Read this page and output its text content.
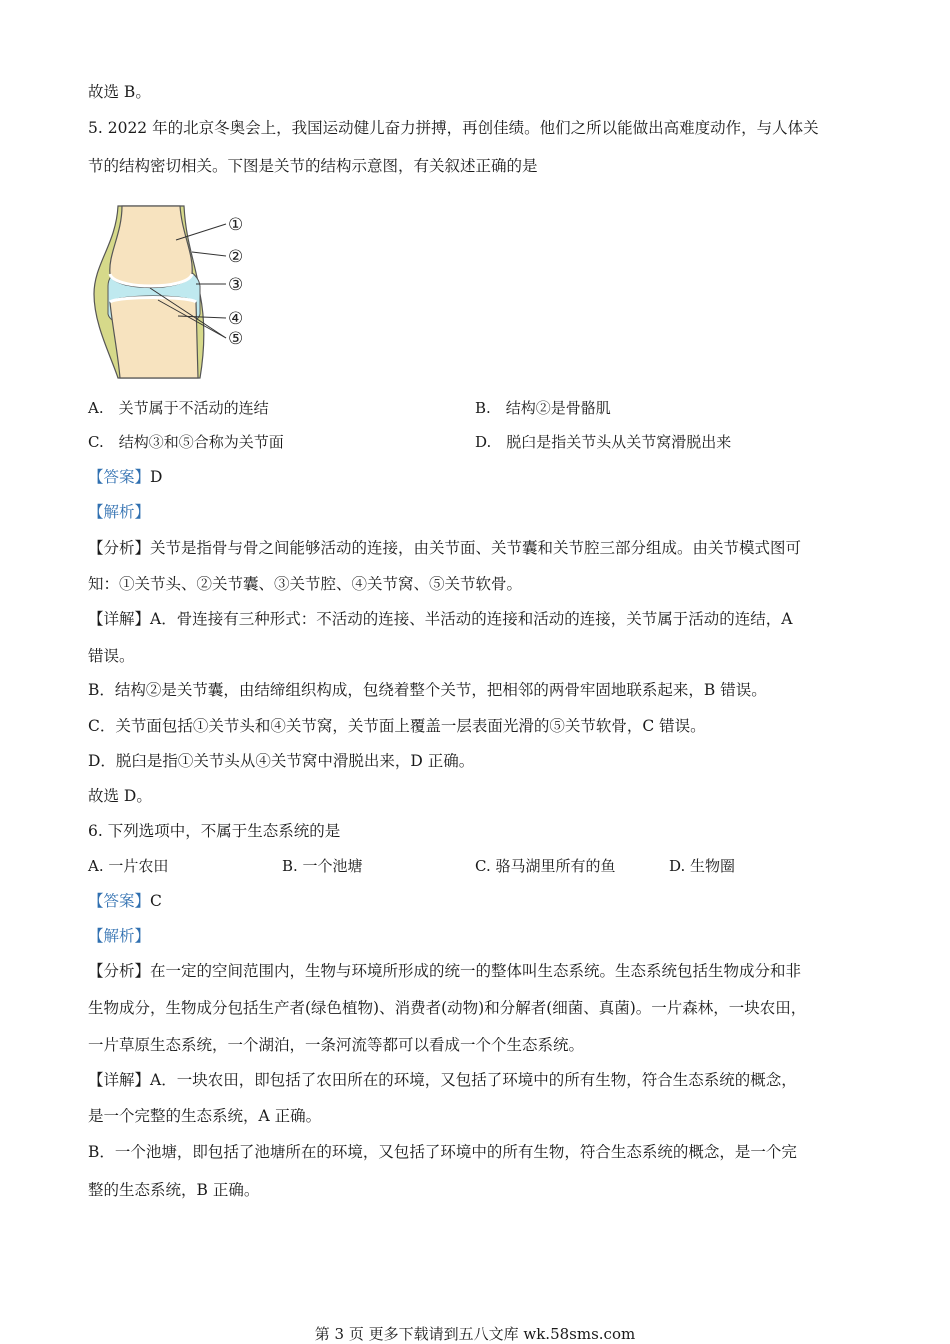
故选 B。
5. 2022 年的北京冬奥会上，我国运动健儿奋力拼搏，再创佳绩。他们之所以能做出高难度动作，与人体关
节的结构密切相关。下图是关节的结构示意图，有关叙述正确的是
①
②
③
④
⑤
A.　关节属于不活动的连结	B.　结构②是骨骼肌
C.　结构③和⑤合称为关节面	D.　脱臼是指关节头从关节窝滑脱出来
【答案】D
【解析】
【分析】关节是指骨与骨之间能够活动的连接，由关节面、关节囊和关节腔三部分组成。由关节模式图可
知：①关节头、②关节囊、③关节腔、④关节窝、⑤关节软骨。
【详解】A．骨连接有三种形式：不活动的连接、半活动的连接和活动的连接，关节属于活动的连结，A
错误。
B．结构②是关节囊，由结缔组织构成，包绕着整个关节，把相邻的两骨牢固地联系起来，B 错误。
C．关节面包括①关节头和④关节窝，关节面上覆盖一层表面光滑的⑤关节软骨，C 错误。
D．脱臼是指①关节头从④关节窝中滑脱出来，D 正确。
故选 D。
6. 下列选项中，不属于生态系统的是
A. 一片农田	B. 一个池塘	C. 骆马湖里所有的鱼	D. 生物圈
【答案】C
【解析】
【分析】在一定的空间范围内，生物与环境所形成的统一的整体叫生态系统。生态系统包括生物成分和非
生物成分，生物成分包括生产者(绿色植物)、消费者(动物)和分解者(细菌、真菌)。一片森林，一块农田，
一片草原生态系统，一个湖泊，一条河流等都可以看成一个个生态系统。
【详解】A．一块农田，即包括了农田所在的环境，又包括了环境中的所有生物，符合生态系统的概念，
是一个完整的生态系统，A 正确。
B．一个池塘，即包括了池塘所在的环境，又包括了环境中的所有生物，符合生态系统的概念，是一个完
整的生态系统，B 正确。
第 3 页 更多下载请到五八文库 wk.58sms.com
